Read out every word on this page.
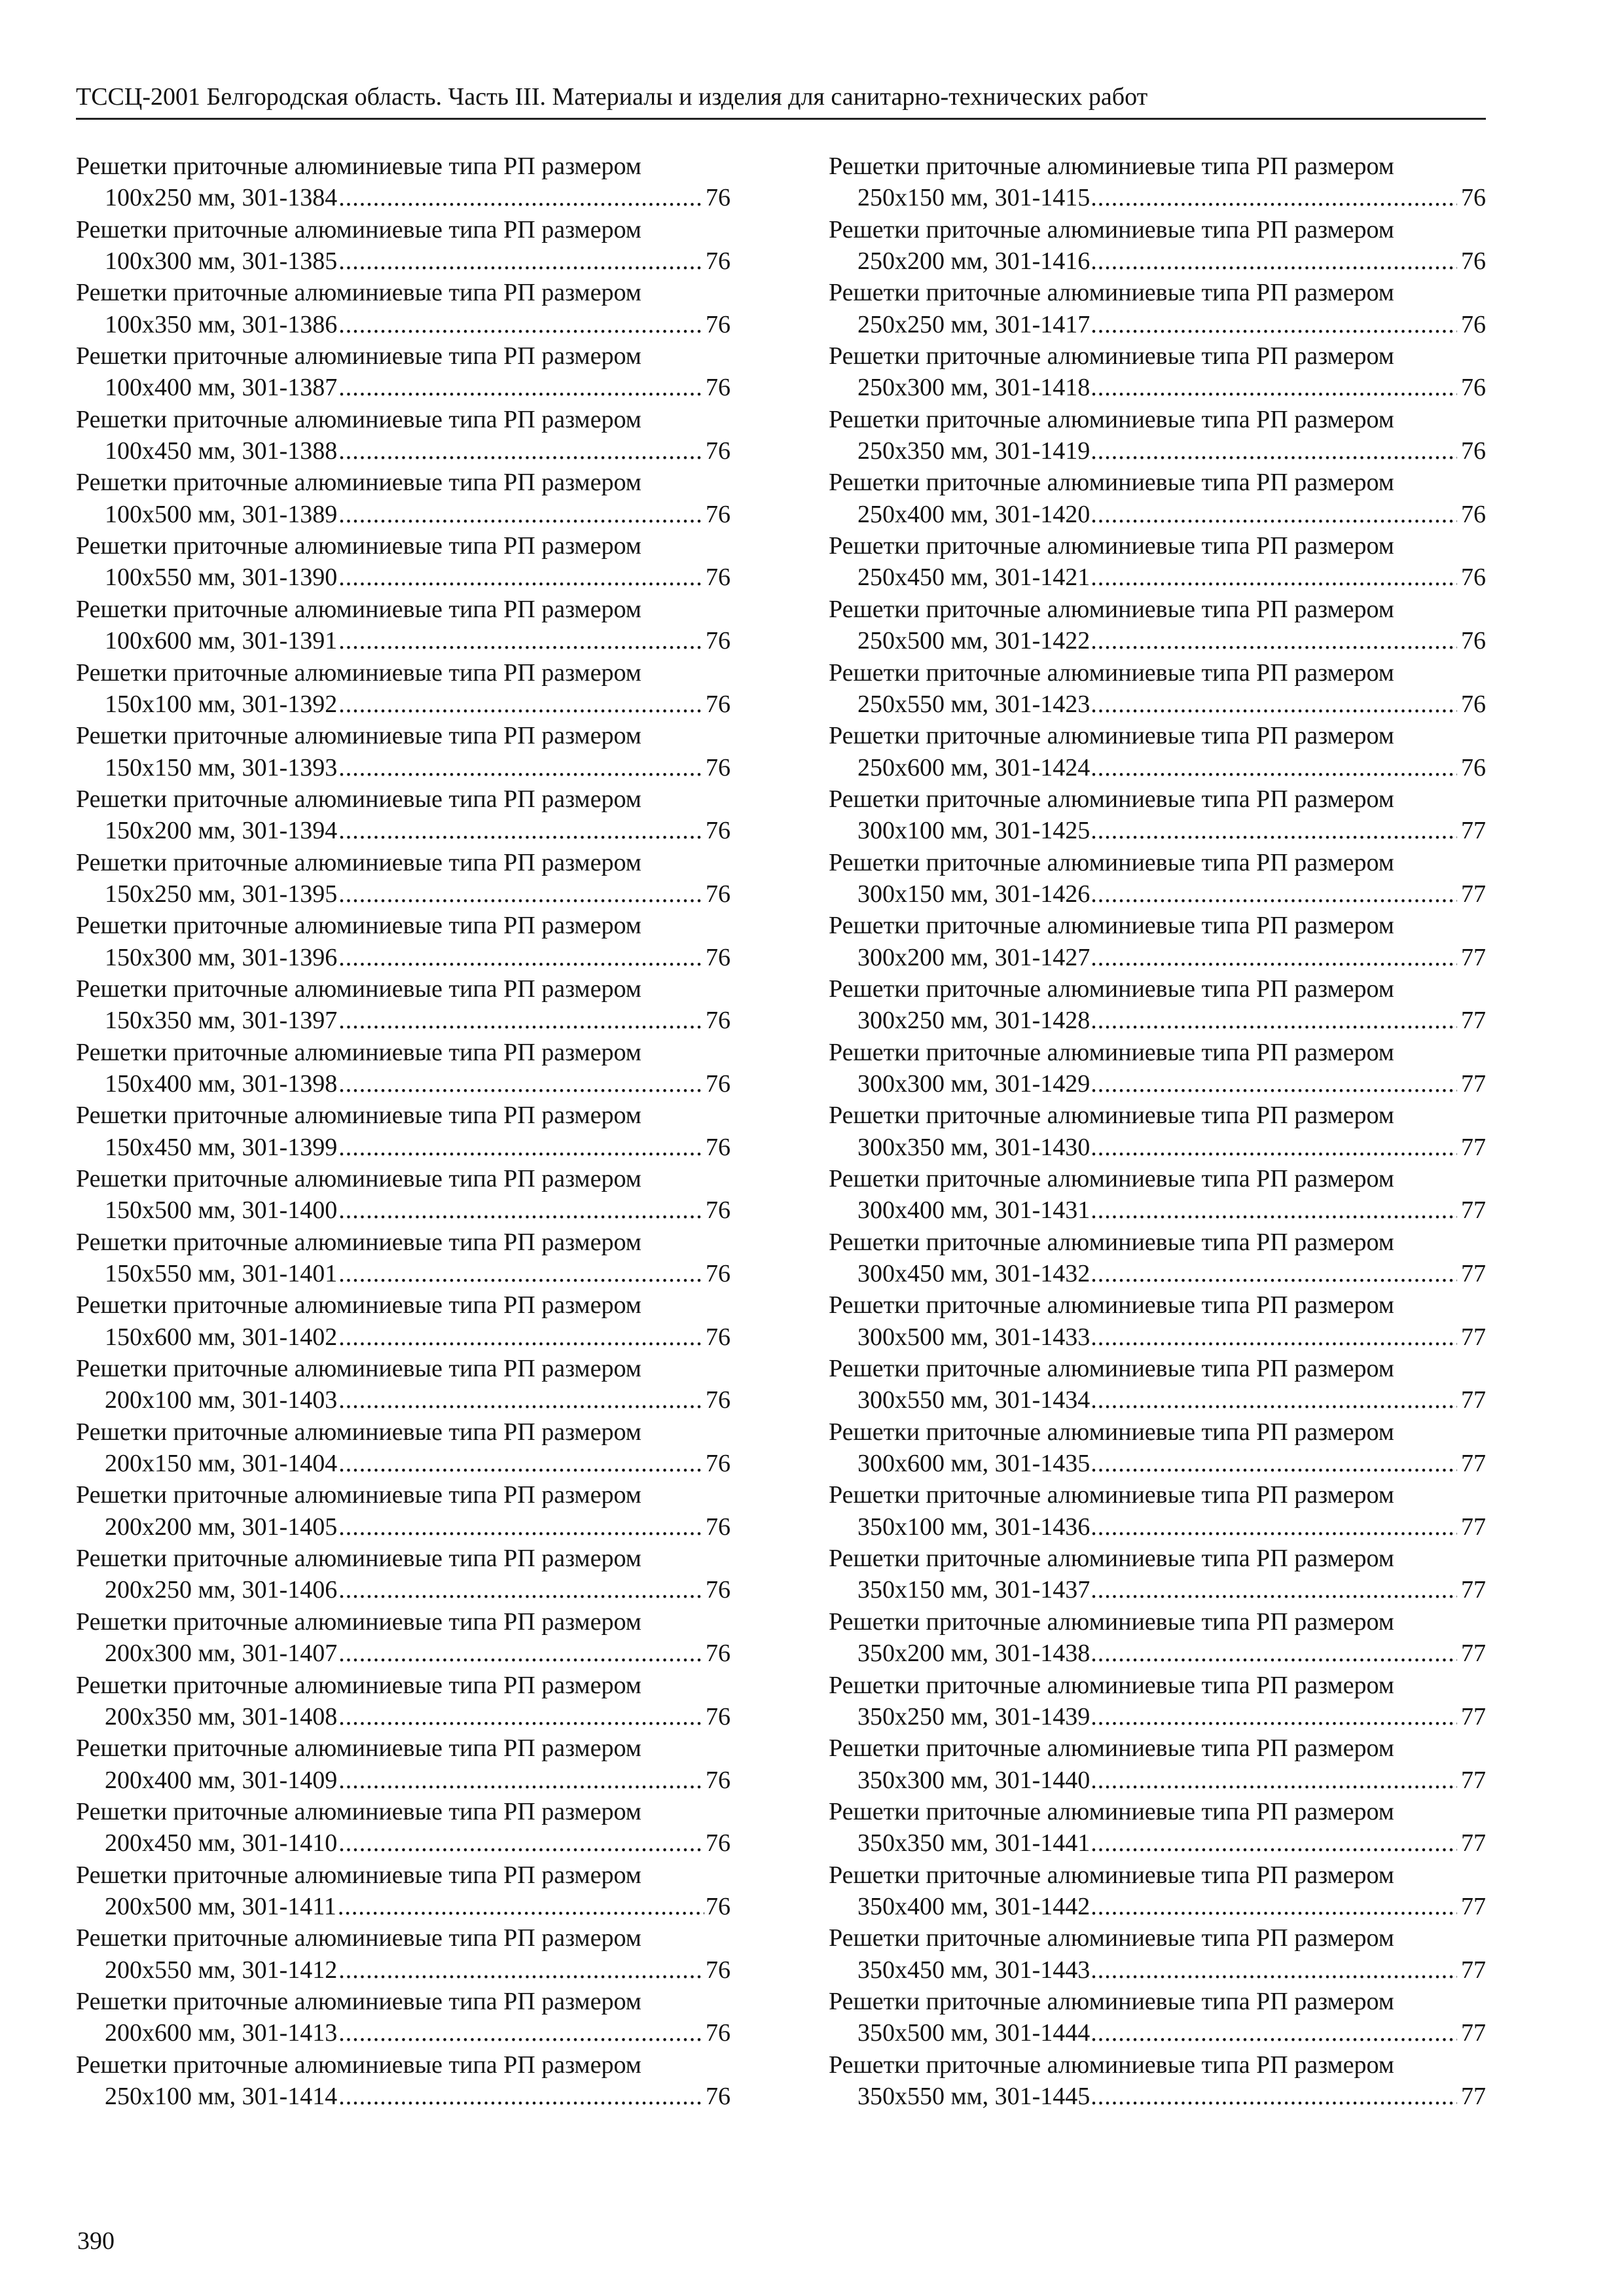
ТССЦ-2001 Белгородская область. Часть III. Материалы и изделия для санитарно-технических работ
Решетки приточные алюминиевые типа РП размером
100x250 мм, 301-1384 .....	76
Решетки приточные алюминиевые типа РП размером
100x300 мм, 301-1385 .....	76
Решетки приточные алюминиевые типа РП размером
100x350 мм, 301-1386 .....	76
Решетки приточные алюминиевые типа РП размером
100x400 мм, 301-1387 .....	76
Решетки приточные алюминиевые типа РП размером
100x450 мм, 301-1388 .....	76
Решетки приточные алюминиевые типа РП размером
100x500 мм, 301-1389 .....	76
Решетки приточные алюминиевые типа РП размером
100x550 мм, 301-1390 .....	76
Решетки приточные алюминиевые типа РП размером
100x600 мм, 301-1391 .....	76
Решетки приточные алюминиевые типа РП размером
150x100 мм, 301-1392 .....	76
Решетки приточные алюминиевые типа РП размером
150x150 мм, 301-1393 .....	76
Решетки приточные алюминиевые типа РП размером
150x200 мм, 301-1394 .....	76
Решетки приточные алюминиевые типа РП размером
150x250 мм, 301-1395 .....	76
Решетки приточные алюминиевые типа РП размером
150x300 мм, 301-1396 .....	76
Решетки приточные алюминиевые типа РП размером
150x350 мм, 301-1397 .....	76
Решетки приточные алюминиевые типа РП размером
150x400 мм, 301-1398 .....	76
Решетки приточные алюминиевые типа РП размером
150x450 мм, 301-1399 .....	76
Решетки приточные алюминиевые типа РП размером
150x500 мм, 301-1400 .....	76
Решетки приточные алюминиевые типа РП размером
150x550 мм, 301-1401 .....	76
Решетки приточные алюминиевые типа РП размером
150x600 мм, 301-1402 .....	76
Решетки приточные алюминиевые типа РП размером
200x100 мм, 301-1403 .....	76
Решетки приточные алюминиевые типа РП размером
200x150 мм, 301-1404 .....	76
Решетки приточные алюминиевые типа РП размером
200x200 мм, 301-1405 .....	76
Решетки приточные алюминиевые типа РП размером
200x250 мм, 301-1406 .....	76
Решетки приточные алюминиевые типа РП размером
200x300 мм, 301-1407 .....	76
Решетки приточные алюминиевые типа РП размером
200x350 мм, 301-1408 .....	76
Решетки приточные алюминиевые типа РП размером
200x400 мм, 301-1409 .....	76
Решетки приточные алюминиевые типа РП размером
200x450 мм, 301-1410 .....	76
Решетки приточные алюминиевые типа РП размером
200x500 мм, 301-1411 .....	76
Решетки приточные алюминиевые типа РП размером
200x550 мм, 301-1412 .....	76
Решетки приточные алюминиевые типа РП размером
200x600 мм, 301-1413 .....	76
Решетки приточные алюминиевые типа РП размером
250x100 мм, 301-1414 .....	76
Решетки приточные алюминиевые типа РП размером
250x150 мм, 301-1415 .....	76
Решетки приточные алюминиевые типа РП размером
250x200 мм, 301-1416 .....	76
Решетки приточные алюминиевые типа РП размером
250x250 мм, 301-1417 .....	76
Решетки приточные алюминиевые типа РП размером
250x300 мм, 301-1418 .....	76
Решетки приточные алюминиевые типа РП размером
250x350 мм, 301-1419 .....	76
Решетки приточные алюминиевые типа РП размером
250x400 мм, 301-1420 .....	76
Решетки приточные алюминиевые типа РП размером
250x450 мм, 301-1421 .....	76
Решетки приточные алюминиевые типа РП размером
250x500 мм, 301-1422 .....	76
Решетки приточные алюминиевые типа РП размером
250x550 мм, 301-1423 .....	76
Решетки приточные алюминиевые типа РП размером
250x600 мм, 301-1424 .....	76
Решетки приточные алюминиевые типа РП размером
300x100 мм, 301-1425 .....	77
Решетки приточные алюминиевые типа РП размером
300x150 мм, 301-1426 .....	77
Решетки приточные алюминиевые типа РП размером
300x200 мм, 301-1427 .....	77
Решетки приточные алюминиевые типа РП размером
300x250 мм, 301-1428 .....	77
Решетки приточные алюминиевые типа РП размером
300x300 мм, 301-1429 .....	77
Решетки приточные алюминиевые типа РП размером
300x350 мм, 301-1430 .....	77
Решетки приточные алюминиевые типа РП размером
300x400 мм, 301-1431 .....	77
Решетки приточные алюминиевые типа РП размером
300x450 мм, 301-1432 .....	77
Решетки приточные алюминиевые типа РП размером
300x500 мм, 301-1433 .....	77
Решетки приточные алюминиевые типа РП размером
300x550 мм, 301-1434 .....	77
Решетки приточные алюминиевые типа РП размером
300x600 мм, 301-1435 .....	77
Решетки приточные алюминиевые типа РП размером
350x100 мм, 301-1436 .....	77
Решетки приточные алюминиевые типа РП размером
350x150 мм, 301-1437 .....	77
Решетки приточные алюминиевые типа РП размером
350x200 мм, 301-1438 .....	77
Решетки приточные алюминиевые типа РП размером
350x250 мм, 301-1439 .....	77
Решетки приточные алюминиевые типа РП размером
350x300 мм, 301-1440 .....	77
Решетки приточные алюминиевые типа РП размером
350x350 мм, 301-1441 .....	77
Решетки приточные алюминиевые типа РП размером
350x400 мм, 301-1442 .....	77
Решетки приточные алюминиевые типа РП размером
350x450 мм, 301-1443 .....	77
Решетки приточные алюминиевые типа РП размером
350x500 мм, 301-1444 .....	77
Решетки приточные алюминиевые типа РП размером
350x550 мм, 301-1445 .....	77
390
